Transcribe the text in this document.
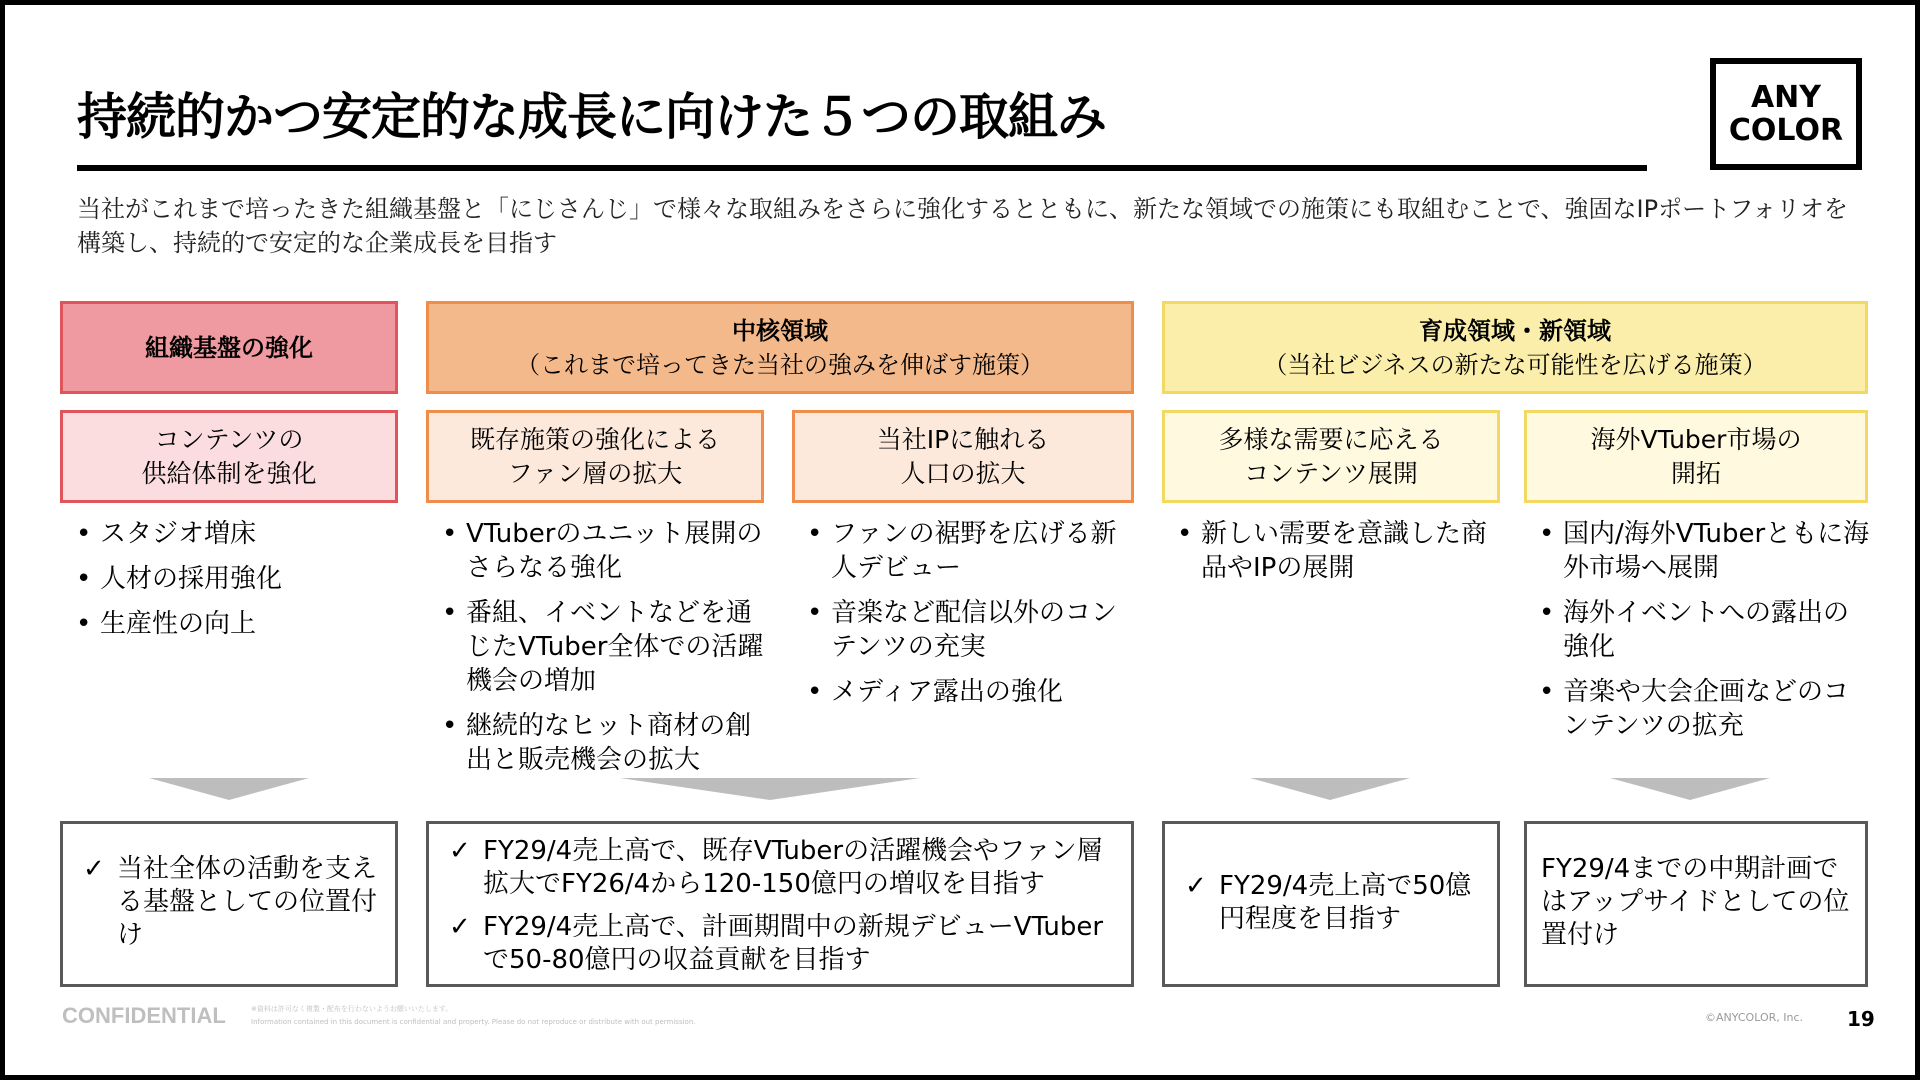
持続的かつ安定的な成長に向けた５つの取組み	ANY
COLOR
当社がこれまで培ったきた組織基盤と「にじさんじ」で様々な取組みをさらに強化するとともに、新たな領域での施策にも取組むことで、強固なIPポートフォリオを構築し、持続的で安定的な企業成長を目指す
組織基盤の強化
中核領域
（これまで培ってきた当社の強みを伸ばす施策）
育成領域・新領域
（当社ビジネスの新たな可能性を広げる施策）
コンテンツの
供給体制を強化
既存施策の強化による
ファン層の拡大
当社IPに触れる
人口の拡大
多様な需要に応える
コンテンツ展開
海外VTuber市場の
開拓
• スタジオ増床
• 人材の採用強化
• 生産性の向上
• VTuberのユニット展開のさらなる強化
• 番組、イベントなどを通じたVTuber全体での活躍機会の増加
• 継続的なヒット商材の創出と販売機会の拡大
• ファンの裾野を広げる新人デビュー
• 音楽など配信以外のコンテンツの充実
• メディア露出の強化
• 新しい需要を意識した商品やIPの展開
• 国内/海外VTuberともに海外市場へ展開
• 海外イベントへの露出の強化
• 音楽や大会企画などのコンテンツの拡充
✓ 当社全体の活動を支える基盤としての位置付け
✓ FY29/4売上高で、既存VTuberの活躍機会やファン層拡大でFY26/4から120-150億円の増収を目指す
✓ FY29/4売上高で、計画期間中の新規デビューVTuberで50-80億円の収益貢献を目指す
✓ FY29/4売上高で50億円程度を目指す
FY29/4までの中期計画ではアップサイドとしての位置付け
CONFIDENTIAL	※資料は許可なく複製・配布を行わないようお願いいたします。
Information contained in this document is confidential and property. Please do not reproduce or distribute with out permission.	©ANYCOLOR, Inc. 19
